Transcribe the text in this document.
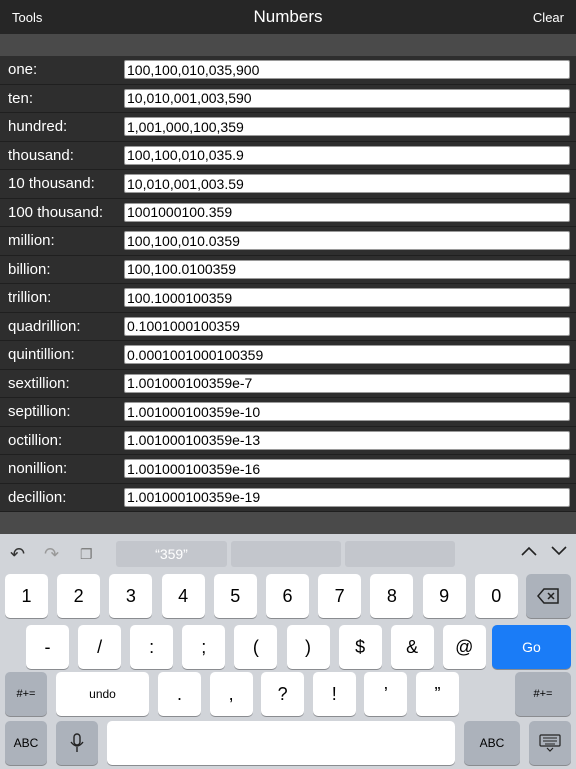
Tools	Numbers	Clear
one:
100,100,010,035,900
ten:
10,010,001,003,590
hundred:
1,001,000,100,359
thousand:
100,100,010,035.9
10 thousand:
10,010,001,003.59
100 thousand:
1001000100.359
million:
100,100,010.0359
billion:
100,100.0100359
trillion:
100.1000100359
quadrillion:
0.1001000100359
quintillion:
0.0001001000100359
sextillion:
1.001000100359e-7
septillion:
1.001000100359e-10
octillion:
1.001000100359e-13
nonillion:
1.001000100359e-16
decillion:
1.001000100359e-19
↶ ↷ ❐	“359”
1	2	3	4	5	6	7	8	9	0
-	/	:	;	(	)	$	&	@	Go
#+=	undo	.	,	?	!	’	”	#+=
ABC	ABC
